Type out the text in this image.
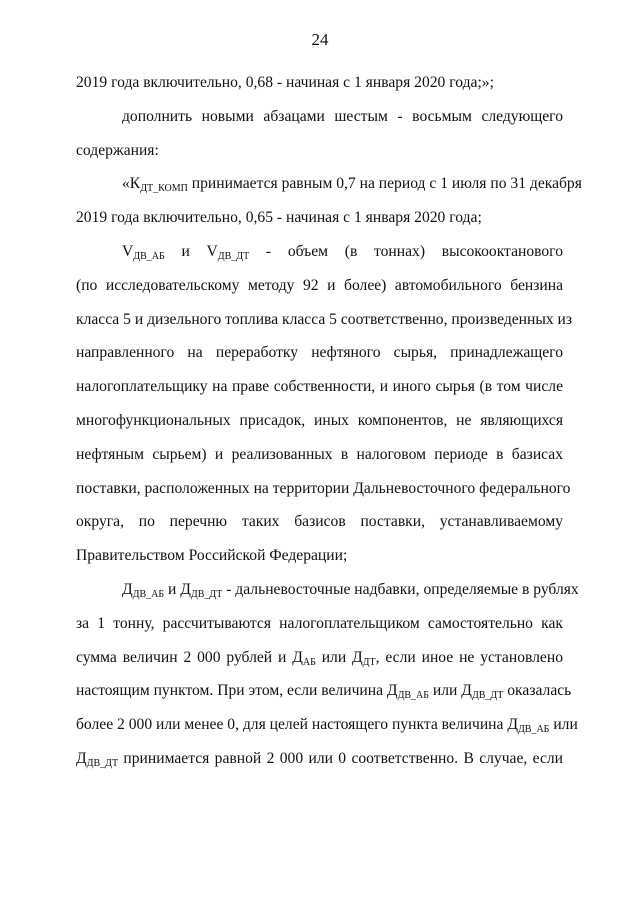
24
2019 года включительно, 0,68 - начиная с 1 января 2020 года;»;
дополнить новыми абзацами шестым - восьмым следующего
содержания:
«$К_{ДТ\_КОМП}$ принимается равным 0,7 на период с 1 июля по 31 декабря
2019 года включительно, 0,65 - начиная с 1 января 2020 года;
$V_{ДВ\_АБ}$ и $V_{ДВ\_ДТ}$ - объем (в тоннах) высокооктанового
(по исследовательскому методу 92 и более) автомобильного бензина
класса 5 и дизельного топлива класса 5 соответственно, произведенных из
направленного на переработку нефтяного сырья, принадлежащего
налогоплательщику на праве собственности, и иного сырья (в том числе
многофункциональных присадок, иных компонентов, не являющихся
нефтяным сырьем) и реализованных в налоговом периоде в базисах
поставки, расположенных на территории Дальневосточного федерального
округа, по перечню таких базисов поставки, устанавливаемому
Правительством Российской Федерации;
$Д_{ДВ\_АБ}$ и $Д_{ДВ\_ДТ}$ - дальневосточные надбавки, определяемые в рублях
за 1 тонну, рассчитываются налогоплательщиком самостоятельно как
сумма величин 2 000 рублей и $Д_{АБ}$ или $Д_{ДТ}$, если иное не установлено
настоящим пунктом. При этом, если величина $Д_{ДВ\_АБ}$ или $Д_{ДВ\_ДТ}$ оказалась
более 2 000 или менее 0, для целей настоящего пункта величина $Д_{ДВ\_АБ}$ или
$Д_{ДВ\_ДТ}$ принимается равной 2 000 или 0 соответственно. В случае, если
